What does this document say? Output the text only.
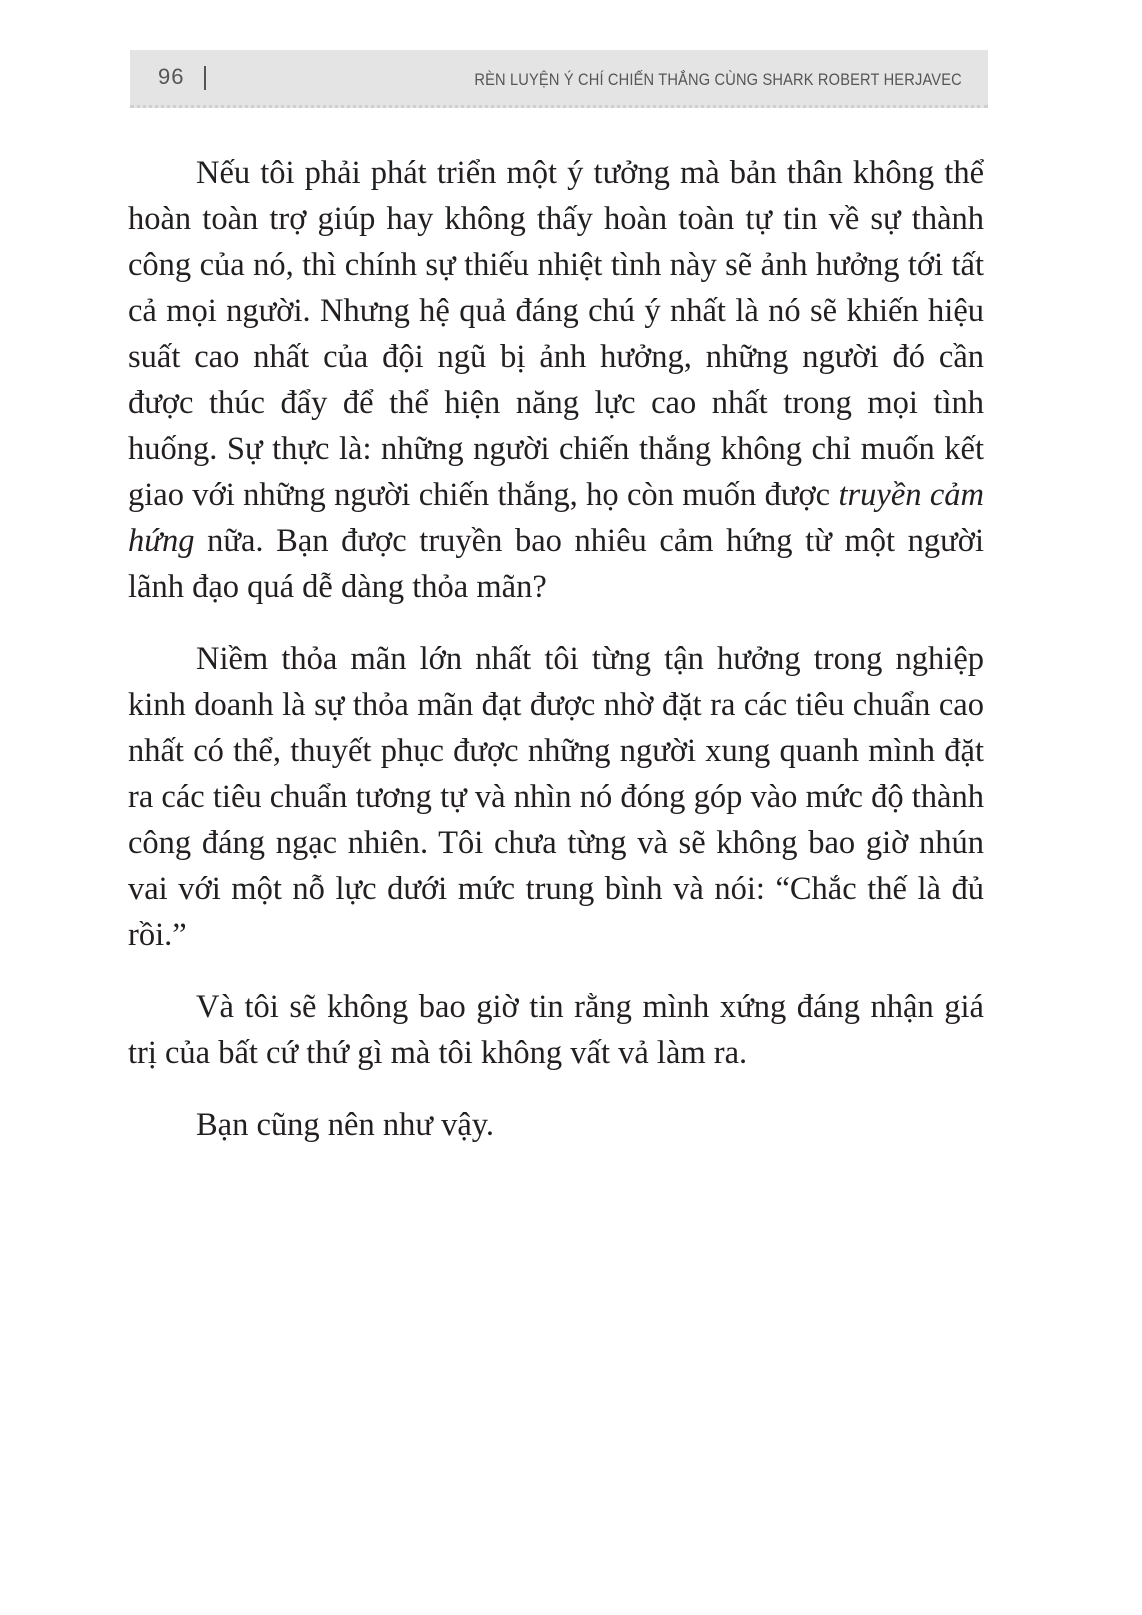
96	RÈN LUYỆN Ý CHÍ CHIẾN THẮNG CÙNG SHARK ROBERT HERJAVEC

Nếu tôi phải phát triển một ý tưởng mà bản thân không thể hoàn toàn trợ giúp hay không thấy hoàn toàn tự tin về sự thành công của nó, thì chính sự thiếu nhiệt tình này sẽ ảnh hưởng tới tất cả mọi người. Nhưng hệ quả đáng chú ý nhất là nó sẽ khiến hiệu suất cao nhất của đội ngũ bị ảnh hưởng, những người đó cần được thúc đẩy để thể hiện năng lực cao nhất trong mọi tình huống. Sự thực là: những người chiến thắng không chỉ muốn kết giao với những người chiến thắng, họ còn muốn được truyền cảm hứng nữa. Bạn được truyền bao nhiêu cảm hứng từ một người lãnh đạo quá dễ dàng thỏa mãn?

Niềm thỏa mãn lớn nhất tôi từng tận hưởng trong nghiệp kinh doanh là sự thỏa mãn đạt được nhờ đặt ra các tiêu chuẩn cao nhất có thể, thuyết phục được những người xung quanh mình đặt ra các tiêu chuẩn tương tự và nhìn nó đóng góp vào mức độ thành công đáng ngạc nhiên. Tôi chưa từng và sẽ không bao giờ nhún vai với một nỗ lực dưới mức trung bình và nói: “Chắc thế là đủ rồi.”

Và tôi sẽ không bao giờ tin rằng mình xứng đáng nhận giá trị của bất cứ thứ gì mà tôi không vất vả làm ra.

Bạn cũng nên như vậy.
